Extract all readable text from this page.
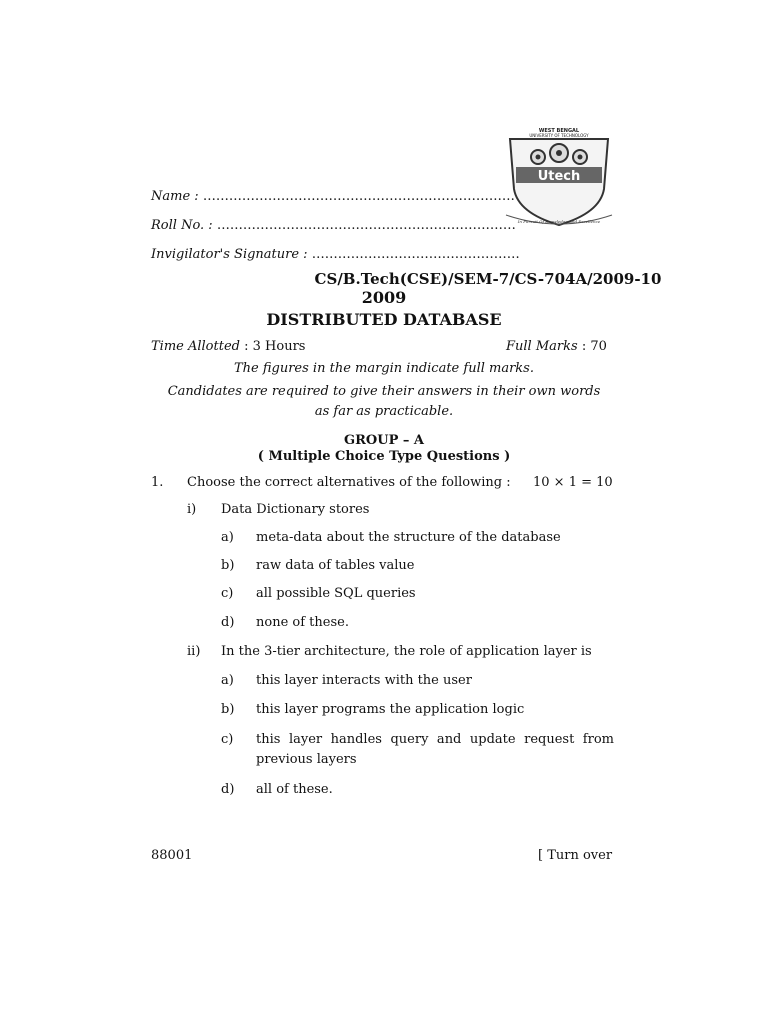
WEST BENGAL
UNIVERSITY OF TECHNOLOGY
Utech
In Pursuit Of Knowledge And Excellence
Name : ………………………………………………………………
Roll No. : ……………………………………………………………
Invigilator's Signature : …………………………………………
CS/B.Tech(CSE)/SEM-7/CS-704A/2009-10
2009
DISTRIBUTED DATABASE
Time Allotted : 3 Hours	Full Marks : 70
The figures in the margin indicate full marks.
Candidates are required to give their answers in their own words
as far as practicable.
GROUP – A
( Multiple Choice Type Questions )
1. Choose the correct alternatives of the following : 10 × 1 = 10
i) Data Dictionary stores
a) meta-data about the structure of the database
b) raw data of tables value
c) all possible SQL queries
d) none of these.
ii) In the 3-tier architecture, the role of application layer is
a) this layer interacts with the user
b) this layer programs the application logic
c) this layer handles query and update request from
previous layers
d) all of these.
88001	[ Turn over
